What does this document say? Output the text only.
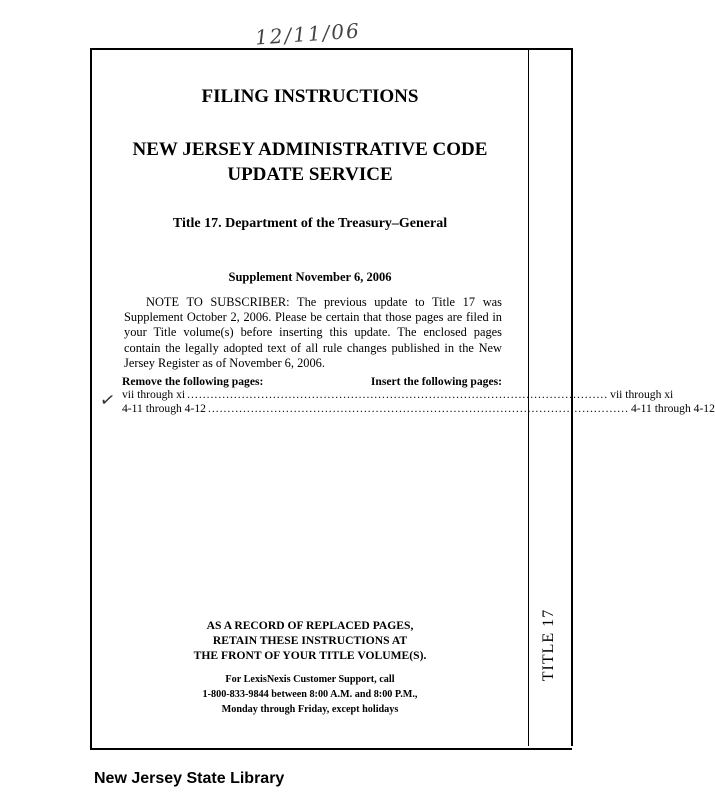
12/11/06
TITLE 17
FILING INSTRUCTIONS
NEW JERSEY ADMINISTRATIVE CODE
UPDATE SERVICE
Title 17. Department of the Treasury–General
Supplement November 6, 2006
NOTE TO SUBSCRIBER: The previous update to Title 17 was Supplement October 2, 2006. Please be certain that those pages are filed in your Title volume(s) before inserting this update. The enclosed pages contain the legally adopted text of all rule changes published in the New Jersey Register as of November 6, 2006.
✓
Remove the following pages:	Insert the following pages:
vii through xi ............................................................................................................ vii through xi
4-11 through 4-12 ............................................................................................................ 4-11 through 4-12
AS A RECORD OF REPLACED PAGES,
RETAIN THESE INSTRUCTIONS AT
THE FRONT OF YOUR TITLE VOLUME(S).
For LexisNexis Customer Support, call
1-800-833-9844 between 8:00 A.M. and 8:00 P.M.,
Monday through Friday, except holidays
New Jersey State Library
